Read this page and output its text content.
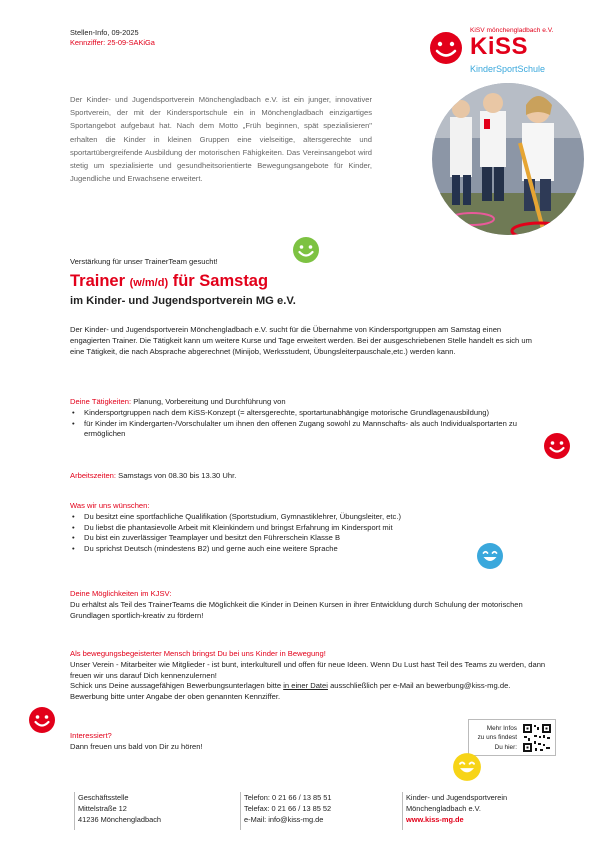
Stellen-Info, 09-2025
Kennziffer: 25-09-SAKiGa
KiSV mönchengladbach e.V.
KiSS
KinderSportSchule
Der Kinder- und Jugendsportverein Mönchengladbach e.V. ist ein junger, innovativer Sportverein, der mit der Kindersportschule ein in Mönchengladbach einzigartiges Sportangebot aufgebaut hat. Nach dem Motto „Früh beginnen, spät spezialisieren" erhalten die Kinder in kleinen Gruppen eine vielseitige, altersgerechte und sportartübergreifende Ausbildung der motorischen Fähigkeiten. Das Vereinsangebot wird stetig um spezialisierte und gesundheitsorientierte Bewegungsangebote für Kinder, Jugendliche und Erwachsene erweitert.
Verstärkung für unser TrainerTeam gesucht!
Trainer (w/m/d) für Samstag
im Kinder- und Jugendsportverein MG e.V.
Der Kinder- und Jugendsportverein Mönchengladbach e.V. sucht für die Übernahme von Kindersportgruppen am Samstag einen engagierten Trainer. Die Tätigkeit kann um weitere Kurse und Tage erweitert werden. Bei der ausgeschriebenen Stelle handelt es sich um eine Tätigkeit, die nach Absprache abgerechnet (Minijob, Werksstudent, Übungsleiterpauschale,etc.) werden kann.
Deine Tätigkeiten: Planung, Vorbereitung und Durchführung von
• Kindersportgruppen nach dem KiSS-Konzept (= altersgerechte, sportartunabhängige motorische Grundlagenausbildung)
• für Kinder im Kindergarten-/Vorschulalter um ihnen den offenen Zugang sowohl zu Mannschafts- als auch Individualsportarten zu ermöglichen
Arbeitszeiten: Samstags von 08.30 bis 13.30 Uhr.
Was wir uns wünschen:
• Du besitzt eine sportfachliche Qualifikation (Sportstudium, Gymnastiklehrer, Übungsleiter, etc.)
• Du liebst die phantasievolle Arbeit mit Kleinkindern und bringst Erfahrung im Kindersport mit
• Du bist ein zuverlässiger Teamplayer und besitzt den Führerschein Klasse B
• Du sprichst Deutsch (mindestens B2) und gerne auch eine weitere Sprache
Deine Möglichkeiten im KJSV:
Du erhältst als Teil des TrainerTeams die Möglichkeit die Kinder in Deinen Kursen in ihrer Entwicklung durch Schulung der motorischen Grundlagen sportlich-kreativ zu fördern!
Als bewegungsbegeisterter Mensch bringst Du bei uns Kinder in Bewegung!
Unser Verein - Mitarbeiter wie Mitglieder - ist bunt, interkulturell und offen für neue Ideen. Wenn Du Lust hast Teil des Teams zu werden, dann freuen wir uns darauf Dich kennenzulernen!
Schick uns Deine aussagefähigen Bewerbungsunterlagen bitte in einer Datei ausschließlich per e-Mail an bewerbung@kiss-mg.de. Bewerbung bitte unter Angabe der oben genannten Kennziffer.
Interessiert?
Dann freuen uns bald von Dir zu hören!
Mehr Infos
zu uns findest
Du hier:
Geschäftsstelle
Mittelstraße 12
41236 Mönchengladbach
Telefon: 0 21 66 / 13 85 51
Telefax: 0 21 66 / 13 85 52
e-Mail: info@kiss-mg.de
Kinder- und Jugendsportverein
Mönchengladbach e.V.
www.kiss-mg.de
